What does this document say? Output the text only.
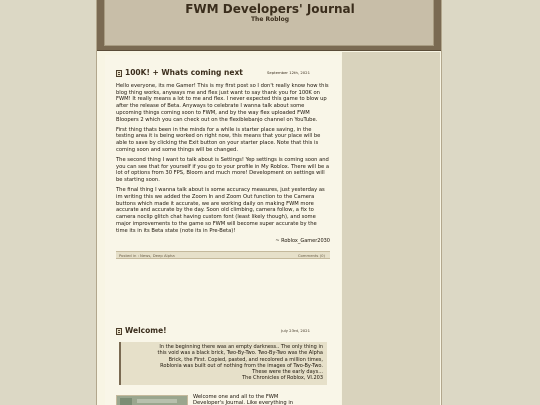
FWM Developers' Journal
The Roblog
100K! + Whats coming next	September 12th, 2021

Hello everyone, its me Gamer! This is my first post so I don't really know how this blog thing works, anyways me and flex just want to say thank you for 100K on FWM! It really means a lot to me and flex. I never expected this game to blow up after the release of Beta. Anyways to celebrate I wanna talk about some upcoming things coming soon to FWM, and by the way flex uploaded FWM Bloopers 2 which you can check out on the flexiblebanjo channel on YouTube.

First thing thats been in the minds for a while is starter place saving, in the testing area it is being worked on right now, this means that your place will be able to save by clicking the Exit button on your starter place. Note that this is coming soon and some things will be changed.

The second thing I want to talk about is Settings! Yep settings is coming soon and you can see that for yourself if you go to your profile in My Roblox. There will be a lot of options from 30 FPS, Bloom and much more! Development on settings will be starting soon.

The final thing I wanna talk about is some accuracy measures, just yesterday as im writing this we added the Zoom In and Zoom Out function to the Camera buttons which made it accurate, we are working daily on making FWM more accurate and accurate by the day. Soon old climbing, camera follow, a fix to camera noclip glitch chat having custom font (least likely though), and some major improvements to the game so FWM will become super accurate by the time its in its Beta state (note its in Pre-Beta)!

~ Roblox_Gamer2030
Posted in : News, Deep Alpha	Comments (0)
Welcome!	July 23rd, 2021
In the beginning there was an empty darkness.. The only thing in
this void was a black brick, Two-By-Two. Two-By-Two was the Alpha
Brick, the First. Copied, pasted, and recolored a million times,
Roblonia was built out of nothing from the images of Two-By-Two.
These were the early days...
The Chronicles of Roblox, VI.203
Welcome one and all to the FWM
Developer's Journal. Like everything in
